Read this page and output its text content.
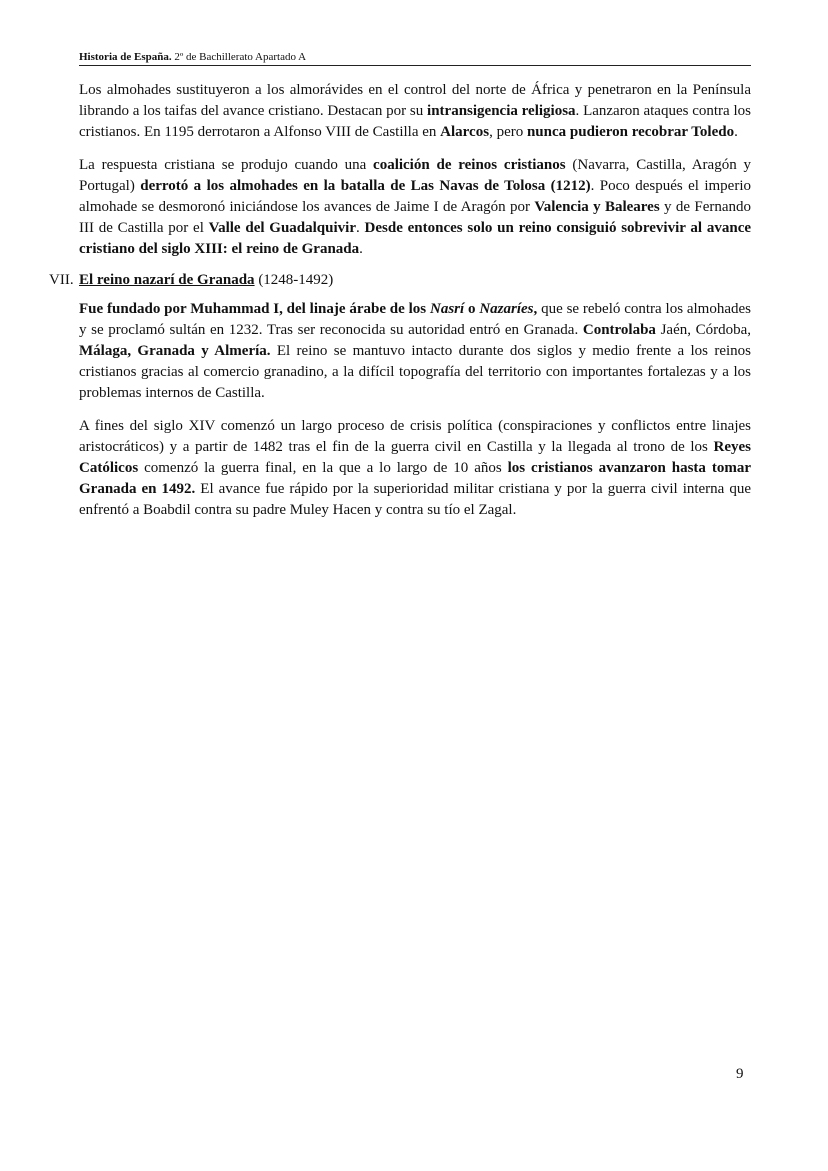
Historia de España. 2º de Bachillerato Apartado A

Los almohades sustituyeron a los almorávides en el control del norte de África y penetraron en la Península librando a los taifas del avance cristiano. Destacan por su intransigencia religiosa. Lanzaron ataques contra los cristianos. En 1195 derrotaron a Alfonso VIII de Castilla en Alarcos, pero nunca pudieron recobrar Toledo.

La respuesta cristiana se produjo cuando una coalición de reinos cristianos (Navarra, Castilla, Aragón y Portugal) derrotó a los almohades en la batalla de Las Navas de Tolosa (1212). Poco después el imperio almohade se desmoronó iniciándose los avances de Jaime I de Aragón por Valencia y Baleares y de Fernando III de Castilla por el Valle del Guadalquivir. Desde entonces solo un reino consiguió sobrevivir al avance cristiano del siglo XIII: el reino de Granada.

VII. El reino nazarí de Granada (1248-1492)

Fue fundado por Muhammad I, del linaje árabe de los Nasrí o Nazaríes, que se rebeló contra los almohades y se proclamó sultán en 1232. Tras ser reconocida su autoridad entró en Granada. Controlaba Jaén, Córdoba, Málaga, Granada y Almería. El reino se mantuvo intacto durante dos siglos y medio frente a los reinos cristianos gracias al comercio granadino, a la difícil topografía del territorio con importantes fortalezas y a los problemas internos de Castilla.

A fines del siglo XIV comenzó un largo proceso de crisis política (conspiraciones y conflictos entre linajes aristocráticos) y a partir de 1482 tras el fin de la guerra civil en Castilla y la llegada al trono de los Reyes Católicos comenzó la guerra final, en la que a lo largo de 10 años los cristianos avanzaron hasta tomar Granada en 1492. El avance fue rápido por la superioridad militar cristiana y por la guerra civil interna que enfrentó a Boabdil contra su padre Muley Hacen y contra su tío el Zagal.

9
